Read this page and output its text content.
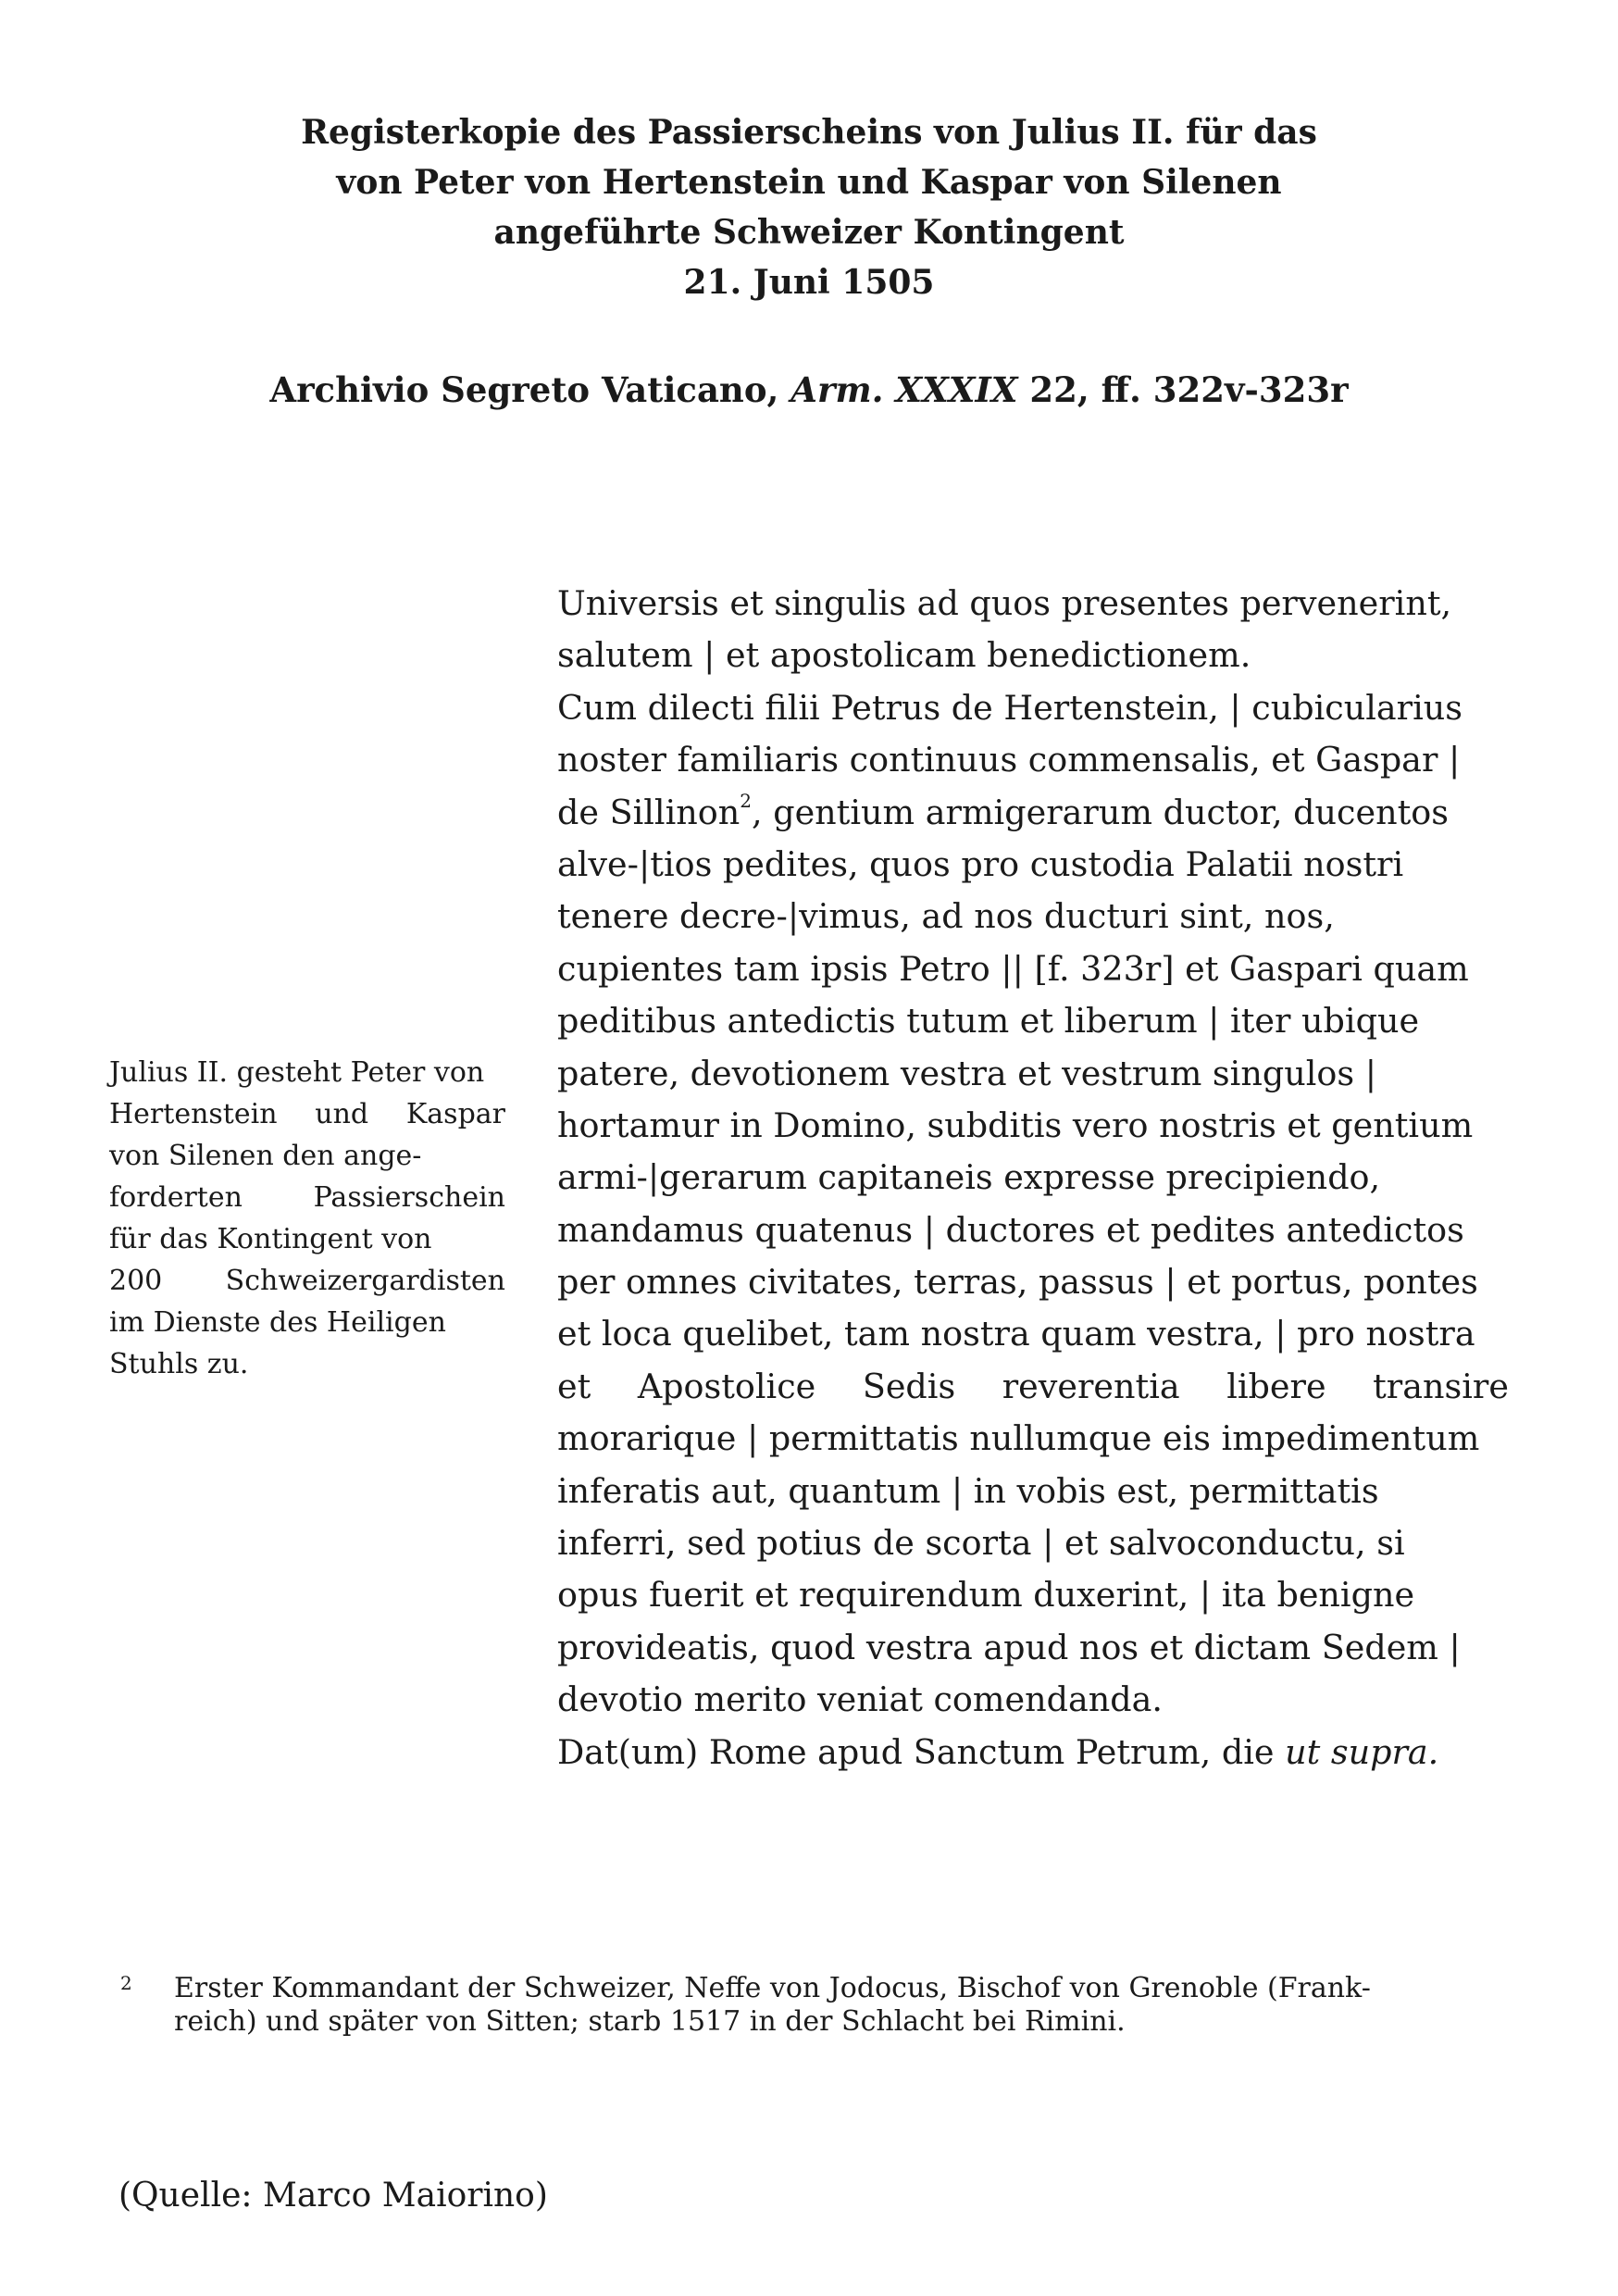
Registerkopie des Passierscheins von Julius II. für das
von Peter von Hertenstein und Kaspar von Silenen
angeführte Schweizer Kontingent
21. Juni 1505
Archivio Segreto Vaticano, Arm. XXXIX 22, ff. 322v-323r
Julius II. gesteht Peter von
Hertenstein und Kaspar
von Silenen den ange-
forderten	Passierschein
für das Kontingent von
200 Schweizergardisten
im Dienste des Heiligen
Stuhls zu.
Universis et singulis ad quos presentes pervenerint,
salutem | et apostolicam benedictionem.
Cum dilecti filii Petrus de Hertenstein, | cubicularius
noster familiaris continuus commensalis, et Gaspar |
de Sillinon$^2$, gentium armigerarum ductor, ducentos
alve-|tios pedites, quos pro custodia Palatii nostri
tenere decre-|vimus, ad nos ducturi sint, nos,
cupientes tam ipsis Petro || [f. 323r] et Gaspari quam
peditibus antedictis tutum et liberum | iter ubique
patere, devotionem vestra et vestrum singulos |
hortamur in Domino, subditis vero nostris et gentium
armi-|gerarum capitaneis expresse precipiendo,
mandamus quatenus | ductores et pedites antedictos
per omnes civitates, terras, passus | et portus, pontes
et loca quelibet, tam nostra quam vestra, | pro nostra
et Apostolice Sedis reverentia libere transire
morarique | permittatis nullumque eis impedimentum
inferatis aut, quantum | in vobis est, permittatis
inferri, sed potius de scorta | et salvoconductu, si
opus fuerit et requirendum duxerint, | ita benigne
provideatis, quod vestra apud nos et dictam Sedem |
devotio merito veniat comendanda.
Dat(um) Rome apud Sanctum Petrum, die ut supra.
2 Erster Kommandant der Schweizer, Neffe von Jodocus, Bischof von Grenoble (Frank-
reich) und später von Sitten; starb 1517 in der Schlacht bei Rimini.
(Quelle: Marco Maiorino)
